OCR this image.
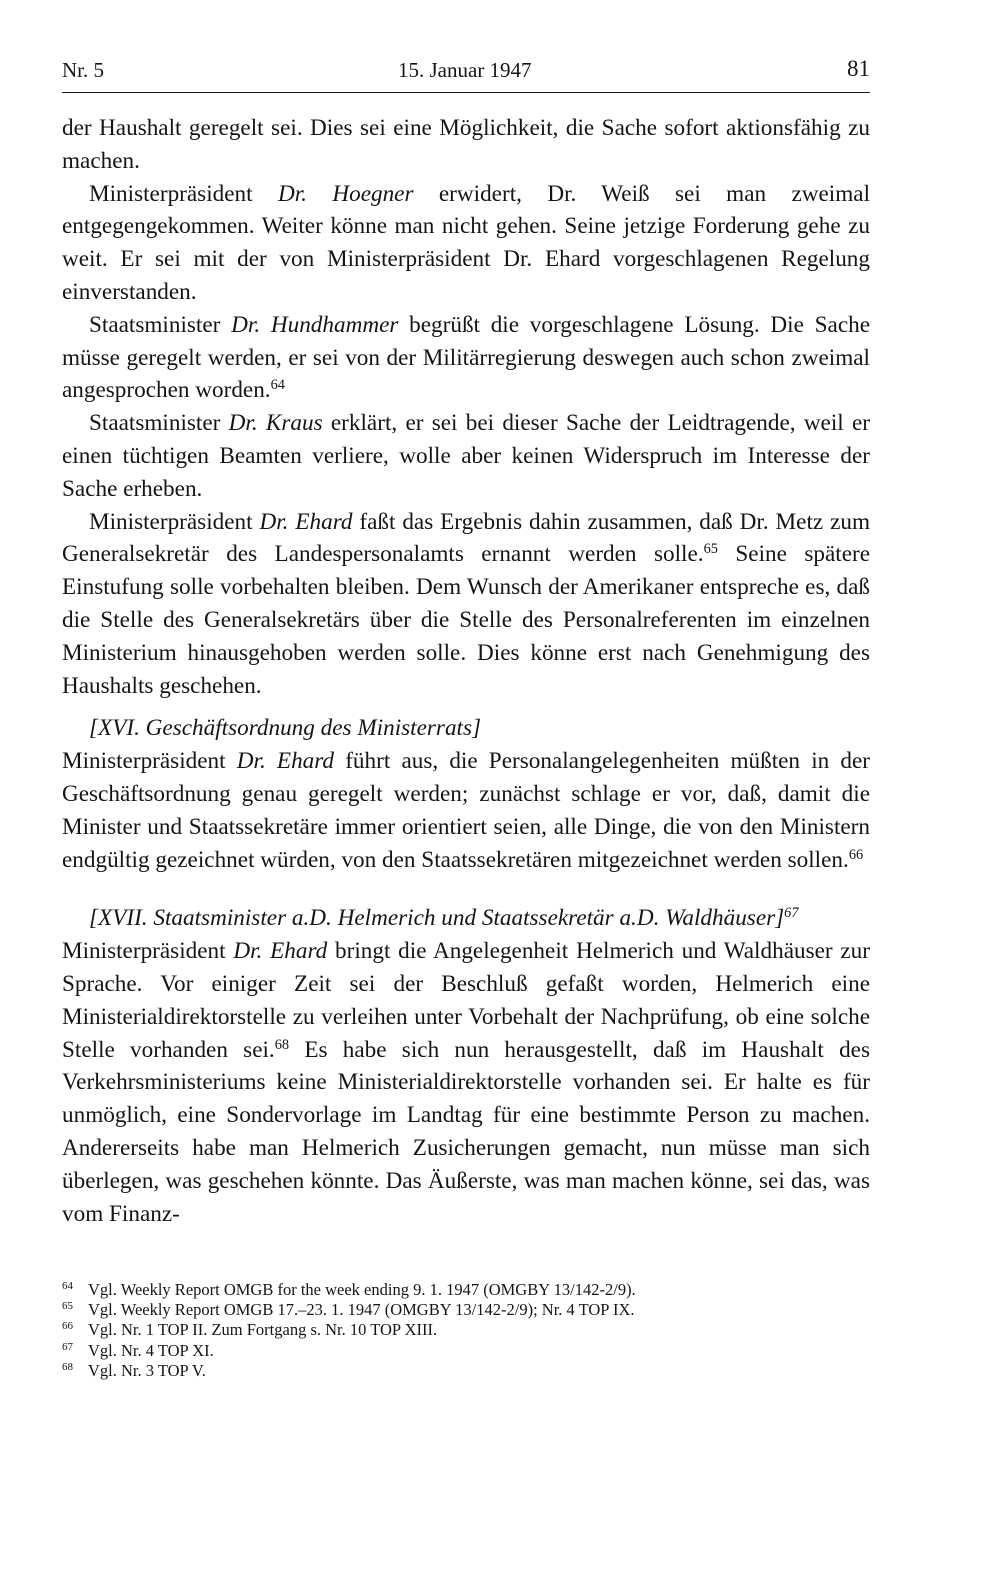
Nr. 5	15. Januar 1947	81

der Haushalt geregelt sei. Dies sei eine Möglichkeit, die Sache sofort aktionsfähig zu machen.

Ministerpräsident Dr. Hoegner erwidert, Dr. Weiß sei man zweimal entgegengekommen. Weiter könne man nicht gehen. Seine jetzige Forderung gehe zu weit. Er sei mit der von Ministerpräsident Dr. Ehard vorgeschlagenen Regelung einverstanden.

Staatsminister Dr. Hundhammer begrüßt die vorgeschlagene Lösung. Die Sache müsse geregelt werden, er sei von der Militärregierung deswegen auch schon zweimal angesprochen worden.$^{64}$

Staatsminister Dr. Kraus erklärt, er sei bei dieser Sache der Leidtragende, weil er einen tüchtigen Beamten verliere, wolle aber keinen Widerspruch im Interesse der Sache erheben.

Ministerpräsident Dr. Ehard faßt das Ergebnis dahin zusammen, daß Dr. Metz zum Generalsekretär des Landespersonalamts ernannt werden solle.$^{65}$ Seine spätere Einstufung solle vorbehalten bleiben. Dem Wunsch der Amerikaner entspreche es, daß die Stelle des Generalsekretärs über die Stelle des Personalreferenten im einzelnen Ministerium hinausgehoben werden solle. Dies könne erst nach Genehmigung des Haushalts geschehen.

[XVI. Geschäftsordnung des Ministerrats]

Ministerpräsident Dr. Ehard führt aus, die Personalangelegenheiten müßten in der Geschäftsordnung genau geregelt werden; zunächst schlage er vor, daß, damit die Minister und Staatssekretäre immer orientiert seien, alle Dinge, die von den Ministern endgültig gezeichnet würden, von den Staatssekretären mitgezeichnet werden sollen.$^{66}$

[XVII. Staatsminister a.D. Helmerich und Staatssekretär a.D. Waldhäuser]$^{67}$

Ministerpräsident Dr. Ehard bringt die Angelegenheit Helmerich und Waldhäuser zur Sprache. Vor einiger Zeit sei der Beschluß gefaßt worden, Helmerich eine Ministerialdirektorstelle zu verleihen unter Vorbehalt der Nachprüfung, ob eine solche Stelle vorhanden sei.$^{68}$ Es habe sich nun herausgestellt, daß im Haushalt des Verkehrsministeriums keine Ministerialdirektorstelle vorhanden sei. Er halte es für unmöglich, eine Sondervorlage im Landtag für eine bestimmte Person zu machen. Andererseits habe man Helmerich Zusicherungen gemacht, nun müsse man sich überlegen, was geschehen könnte. Das Äußerste, was man machen könne, sei das, was vom Finanz-

64 Vgl. Weekly Report OMGB for the week ending 9. 1. 1947 (OMGBY 13/142-2/9).
65 Vgl. Weekly Report OMGB 17.–23. 1. 1947 (OMGBY 13/142-2/9); Nr. 4 TOP IX.
66 Vgl. Nr. 1 TOP II. Zum Fortgang s. Nr. 10 TOP XIII.
67 Vgl. Nr. 4 TOP XI.
68 Vgl. Nr. 3 TOP V.
